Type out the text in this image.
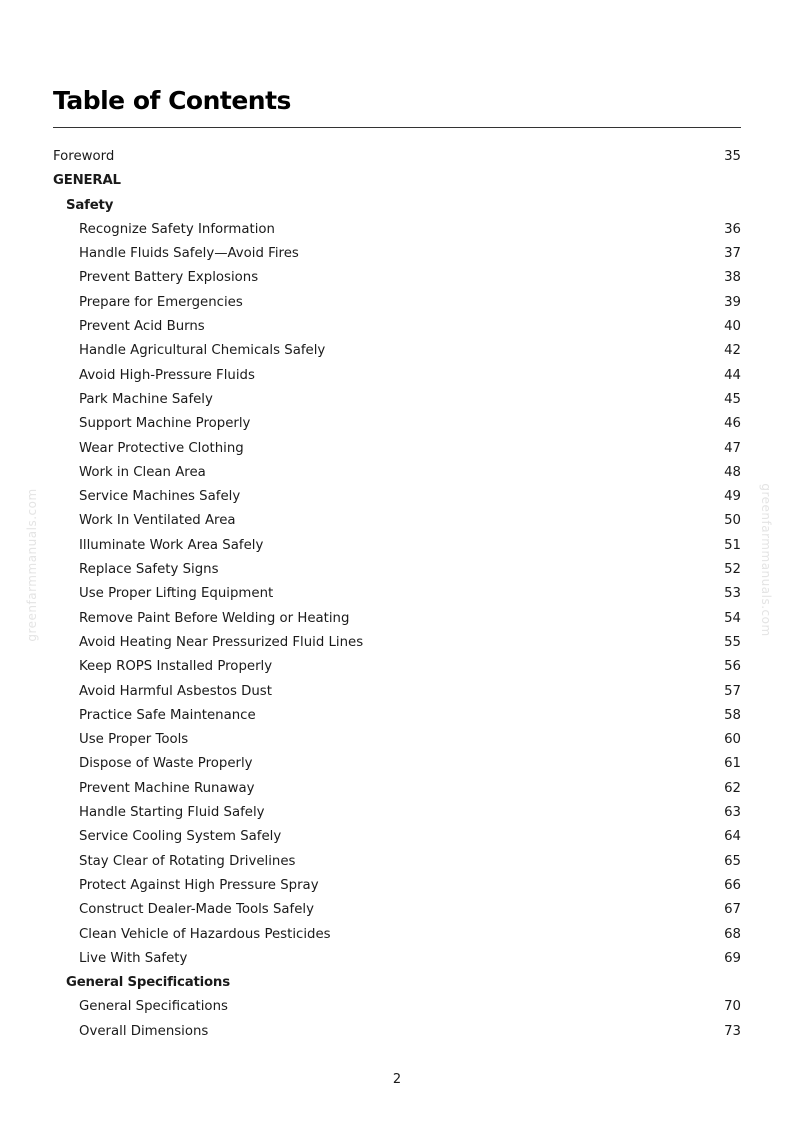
Table of Contents
Foreword	35
GENERAL
Safety
Recognize Safety Information	36
Handle Fluids Safely—Avoid Fires	37
Prevent Battery Explosions	38
Prepare for Emergencies	39
Prevent Acid Burns	40
Handle Agricultural Chemicals Safely	42
Avoid High-Pressure Fluids	44
Park Machine Safely	45
Support Machine Properly	46
Wear Protective Clothing	47
Work in Clean Area	48
Service Machines Safely	49
Work In Ventilated Area	50
Illuminate Work Area Safely	51
Replace Safety Signs	52
Use Proper Lifting Equipment	53
Remove Paint Before Welding or Heating	54
Avoid Heating Near Pressurized Fluid Lines	55
Keep ROPS Installed Properly	56
Avoid Harmful Asbestos Dust	57
Practice Safe Maintenance	58
Use Proper Tools	60
Dispose of Waste Properly	61
Prevent Machine Runaway	62
Handle Starting Fluid Safely	63
Service Cooling System Safely	64
Stay Clear of Rotating Drivelines	65
Protect Against High Pressure Spray	66
Construct Dealer-Made Tools Safely	67
Clean Vehicle of Hazardous Pesticides	68
Live With Safety	69
General Specifications
General Specifications	70
Overall Dimensions	73
greenfarmmanuals.com	greenfarmmanuals.com
2
